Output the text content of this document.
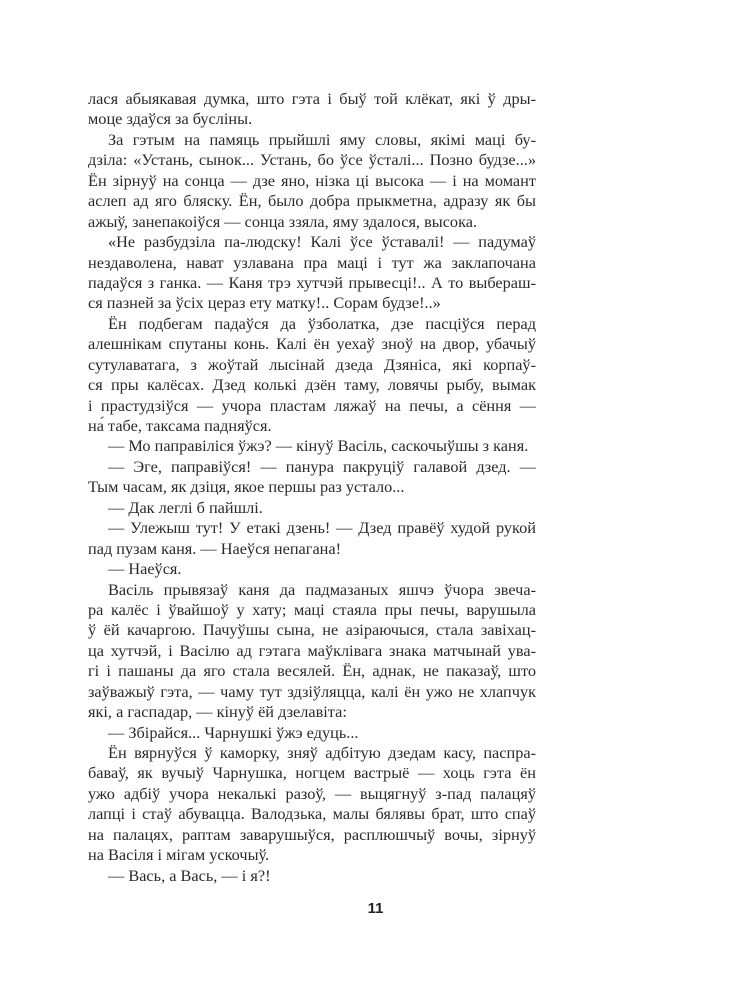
лася абыякавая думка, што гэта і быў той клёкат, які ў дры-
моце здаўся за бусліны.
За гэтым на памяць прыйшлі яму словы, якімі маці бу-
дзіла: «Устань, сынок... Устань, бо ўсе ўсталі... Позно будзе...»
Ён зірнуў на сонца — дзе яно, нізка ці высока — і на момант
аслеп ад яго бляску. Ён, было добра прыкметна, адразу як бы
ажыў, занепакоіўся — сонца ззяла, яму здалося, высока.
«Не разбудзіла па-людску! Калі ўсе ўставалі! — падумаў
нездаволена, нават узлавана пра маці і тут жа заклапочана
падаўся з ганка. — Каня трэ хутчэй прывесці!.. А то выбераш-
ся пазней за ўсіх цераз ету матку!.. Сорам будзе!..»
Ён подбегам падаўся да ўзболатка, дзе пасціўся перад
алешнікам спутаны конь. Калі ён уехаў зноў на двор, убачыў
сутулаватага, з жоўтай лысінай дзеда Дзяніса, які корпаў-
ся пры калёсах. Дзед колькі дзён таму, ловячы рыбу, вымак
і прастудзіўся — учора пластам ляжаў на печы, а сёння —
на́ табе, таксама падняўся.
— Мо паправіліся ўжэ? — кінуў Васіль, саскочыўшы з каня.
— Эге, паправіўся! — панура пакруціў галавой дзед. —
Тым часам, як дзіця, якое першы раз устало...
— Дак леглі б пайшлі.
— Улежыш тут! У етакі дзень! — Дзед правёў худой рукой
пад пузам каня. — Наеўся непагана!
— Наеўся.
Васіль прывязаў каня да падмазаных яшчэ ўчора звеча-
ра калёс і ўвайшоў у хату; маці стаяла пры печы, варушыла
ў ёй качаргою. Пачуўшы сына, не азіраючыся, стала завіхац-
ца хутчэй, і Васілю ад гэтага маўклівага знака матчынай ува-
гі і пашаны да яго стала весялей. Ён, аднак, не паказаў, што
заўважыў гэта, — чаму тут здзіўляцца, калі ён ужо не хлапчук
які, а гаспадар, — кінуў ёй дзелавіта:
— Збірайся... Чарнушкі ўжэ едуць...
Ён вярнуўся ў каморку, зняў адбітую дзедам касу, паспра-
баваў, як вучыў Чарнушка, ногцем вастрыё — хоць гэта ён
ужо адбіў учора некалькі разоў, — выцягнуў з-пад палацяў
лапці і стаў абувацца. Валодзька, малы бялявы брат, што спаў
на палацях, раптам заварушыўся, расплюшчыў вочы, зірнуў
на Васіля і мігам ускочыў.
— Вась, а Вась, — і я?!
11
